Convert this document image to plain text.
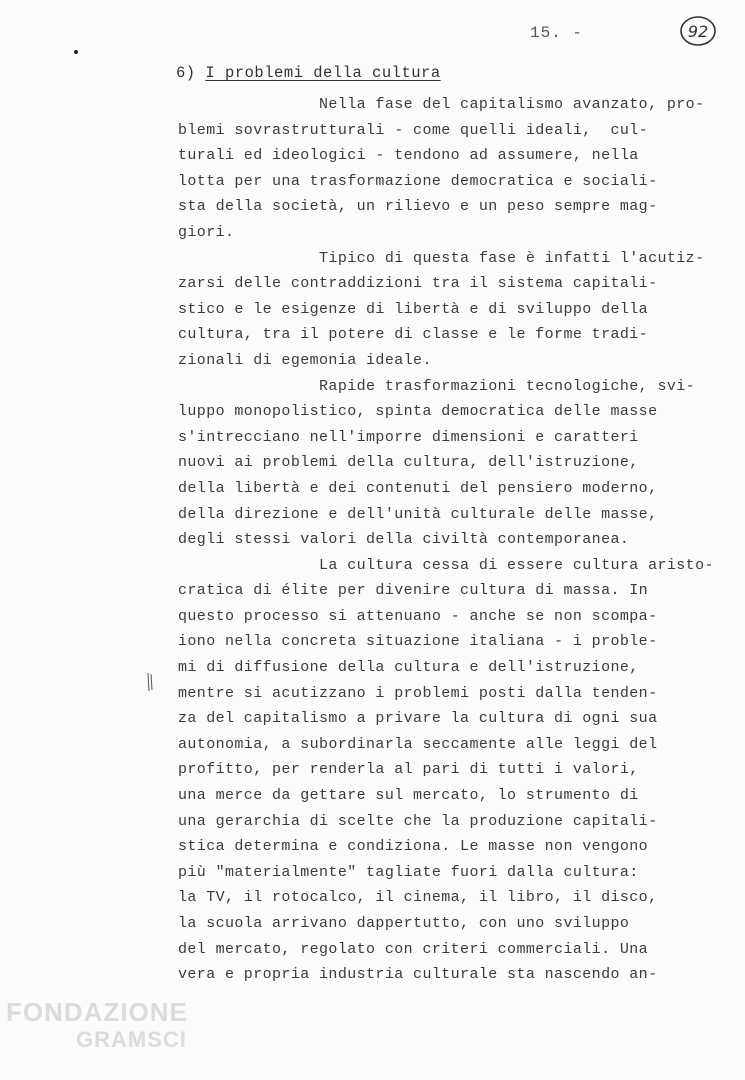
15. -	92
6) I problemi della cultura
Nella fase del capitalismo avanzato, pro-
blemi sovrastrutturali - come quelli ideali,  cul-
turali ed ideologici - tendono ad assumere, nella
lotta per una trasformazione democratica e sociali-
sta della società, un rilievo e un peso sempre mag-
giori.
Tipico di questa fase è infatti l'acutiz-
zarsi delle contraddizioni tra il sistema capitali-
stico e le esigenze di libertà e di sviluppo della
cultura, tra il potere di classe e le forme tradi-
zionali di egemonia ideale.
Rapide trasformazioni tecnologiche, svi-
luppo monopolistico, spinta democratica delle masse
s'intrecciano nell'imporre dimensioni e caratteri
nuovi ai problemi della cultura, dell'istruzione,
della libertà e dei contenuti del pensiero moderno,
della direzione e dell'unità culturale delle masse,
degli stessi valori della civiltà contemporanea.
La cultura cessa di essere cultura aristo-
cratica di élite per divenire cultura di massa. In
questo processo si attenuano - anche se non scompa-
iono nella concreta situazione italiana - i proble-
mi di diffusione della cultura e dell'istruzione,
mentre si acutizzano i problemi posti dalla tenden-
za del capitalismo a privare la cultura di ogni sua
autonomia, a subordinarla seccamente alle leggi del
profitto, per renderla al pari di tutti i valori,
una merce da gettare sul mercato, lo strumento di
una gerarchia di scelte che la produzione capitali-
stica determina e condiziona. Le masse non vengono
più "materialmente" tagliate fuori dalla cultura:
la TV, il rotocalco, il cinema, il libro, il disco,
la scuola arrivano dappertutto, con uno sviluppo
del mercato, regolato con criteri commerciali. Una
vera e propria industria culturale sta nascendo an-
FONDAZIONE
GRAMSCI
